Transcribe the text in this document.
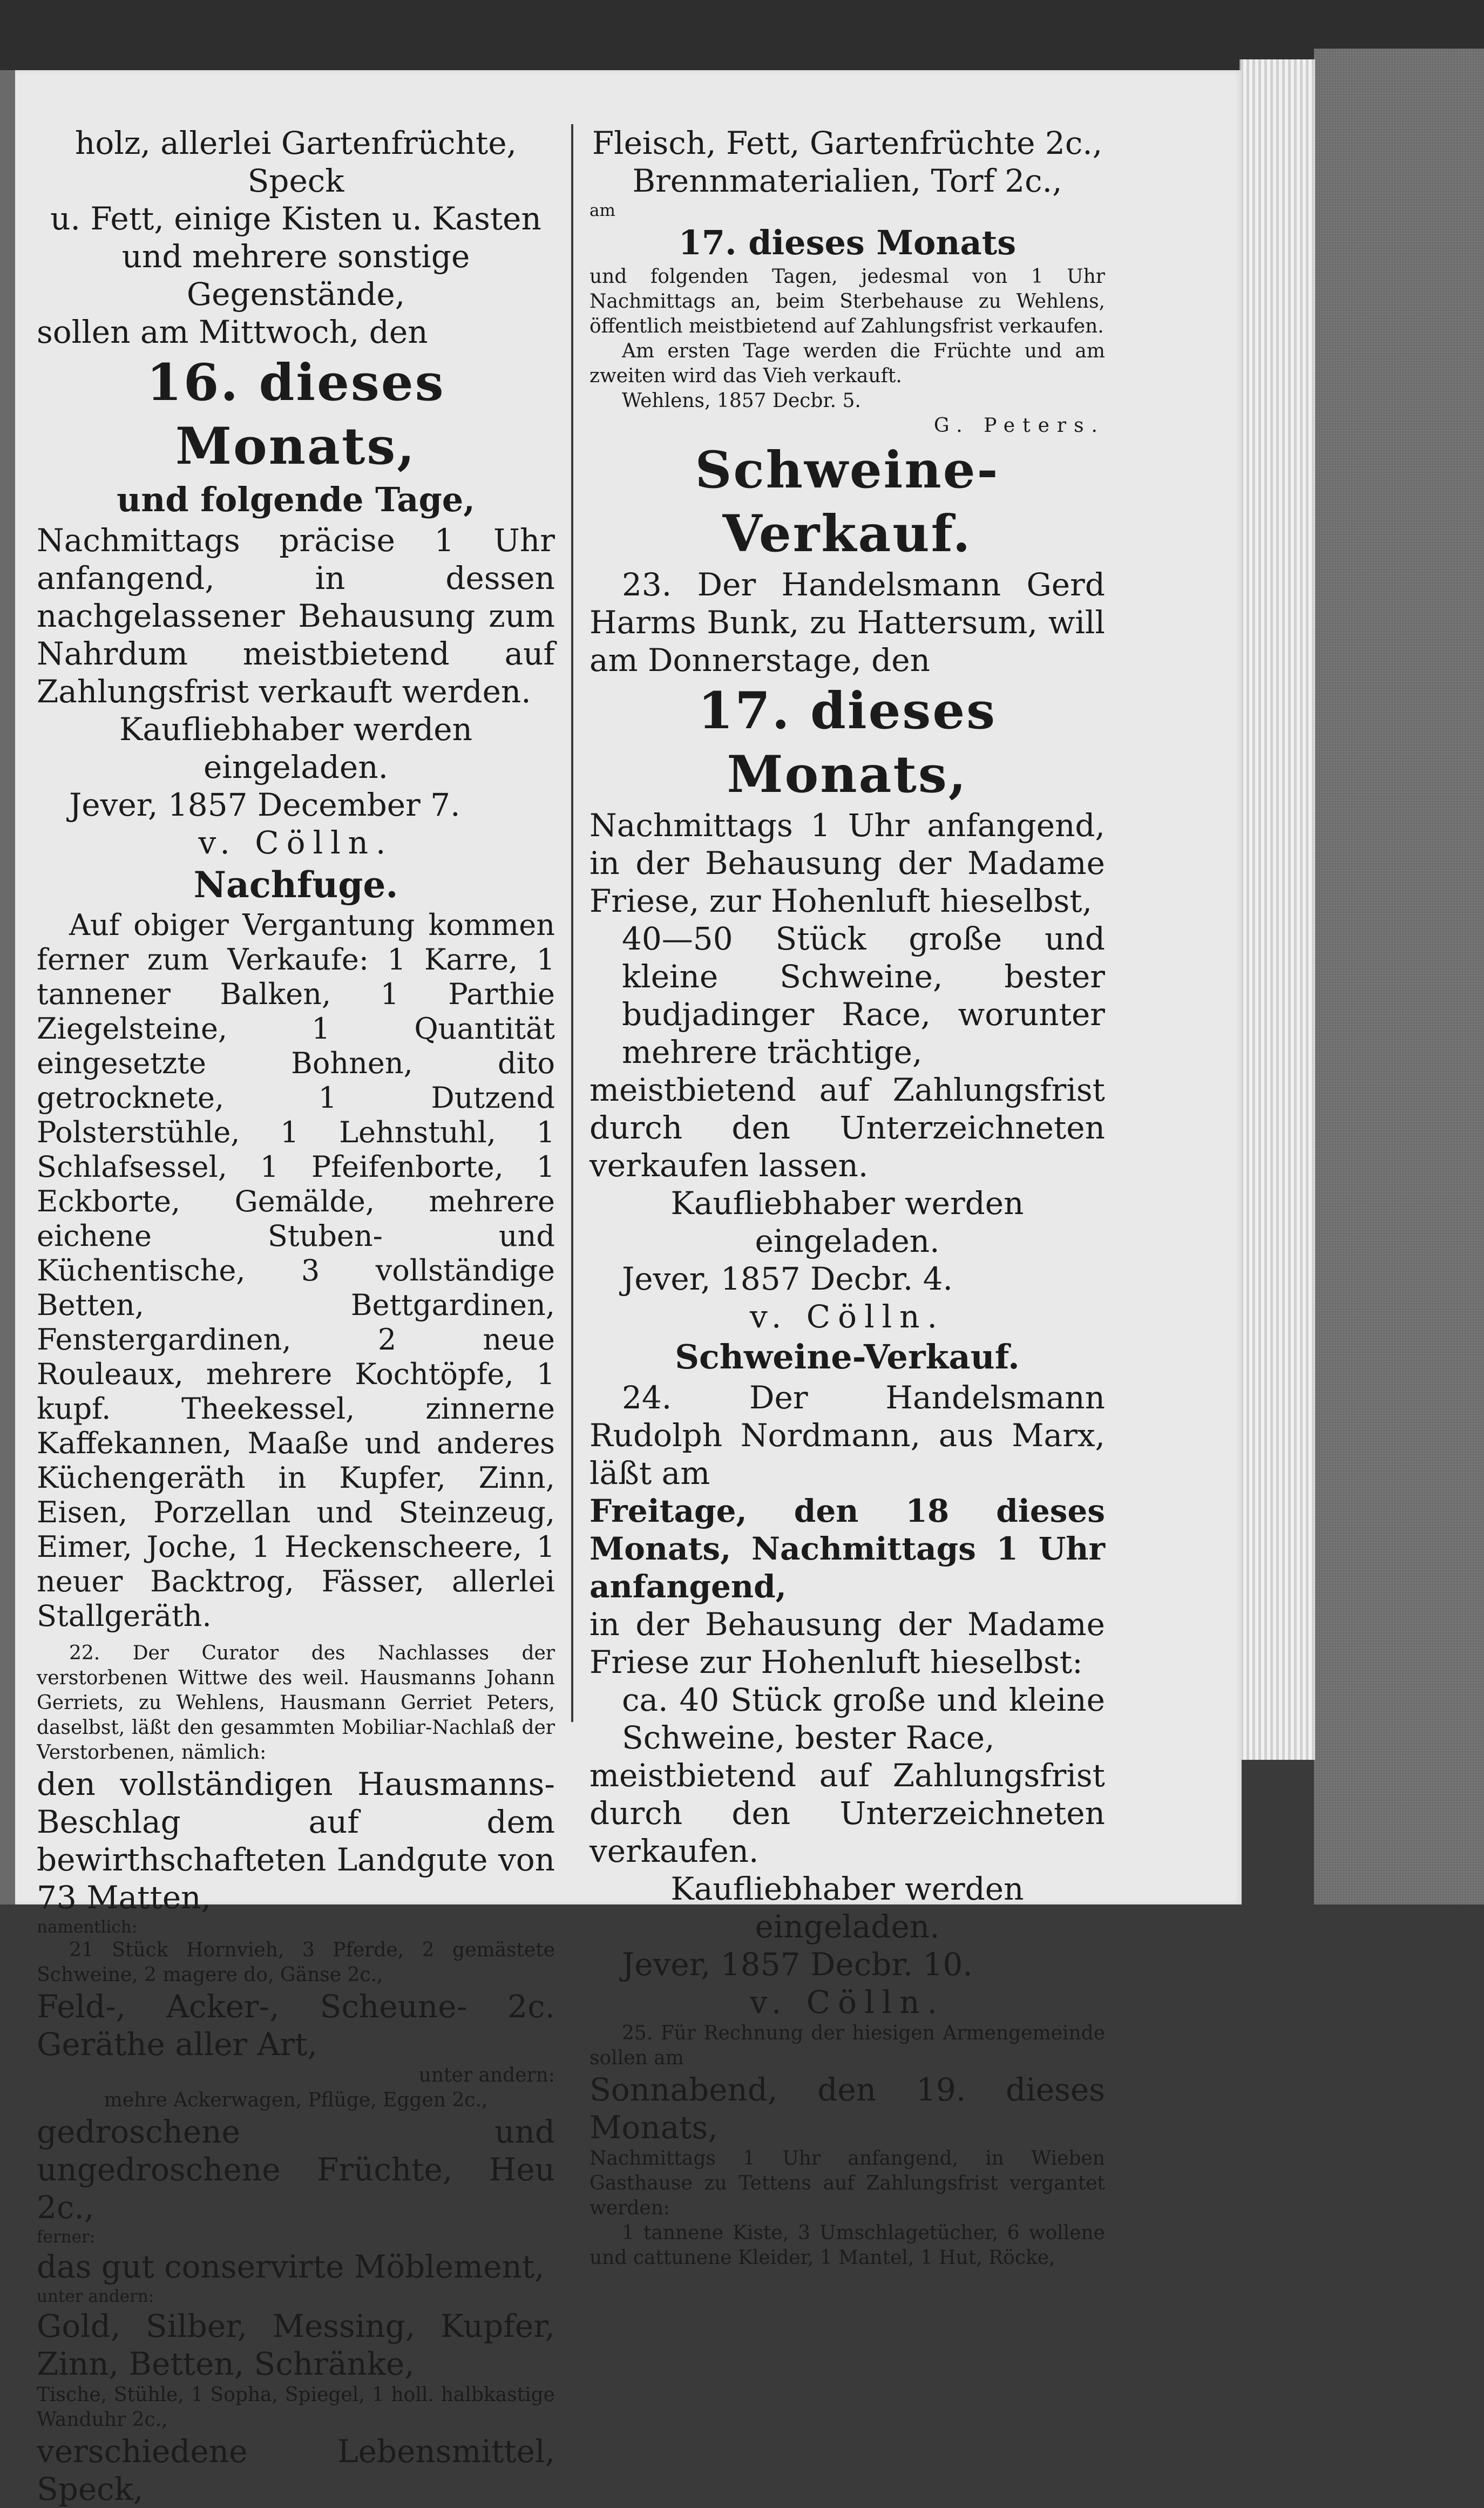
holz, allerlei Gartenfrüchte, Speck

u. Fett, einige Kisten u. Kasten

und mehrere sonstige Gegenstände,

sollen am Mittwoch, den

16. dieses Monats,

und folgende Tage,

Nachmittags präcise 1 Uhr anfangend, in dessen nachgelassener Behausung zum Nahrdum meistbietend auf Zahlungsfrist verkauft werden.

Kaufliebhaber werden eingeladen.

Jever, 1857 December 7.

v. Cölln.

Nachfuge.

Auf obiger Vergantung kommen ferner zum Verkaufe: 1 Karre, 1 tannener Balken, 1 Parthie Ziegelsteine, 1 Quantität eingesetzte Bohnen, dito getrocknete, 1 Dutzend Polsterstühle, 1 Lehnstuhl, 1 Schlafsessel, 1 Pfeifenborte, 1 Eckborte, Gemälde, mehrere eichene Stuben- und Küchentische, 3 vollständige Betten, Bettgardinen, Fenstergardinen, 2 neue Rouleaux, mehrere Kochtöpfe, 1 kupf. Theekessel, zinnerne Kaffekannen, Maaße und anderes Küchengeräth in Kupfer, Zinn, Eisen, Porzellan und Steinzeug, Eimer, Joche, 1 Heckenscheere, 1 neuer Backtrog, Fässer, allerlei Stallgeräth.

22. Der Curator des Nachlasses der verstorbenen Wittwe des weil. Hausmanns Johann Gerriets, zu Wehlens, Hausmann Gerriet Peters, daselbst, läßt den gesammten Mobiliar-Nachlaß der Verstorbenen, nämlich:

den vollständigen Hausmanns-Beschlag auf dem bewirthschafteten Landgute von 73 Matten,

namentlich:

21 Stück Hornvieh, 3 Pferde, 2 gemästete Schweine, 2 magere do, Gänse 2c.,

Feld-, Acker-, Scheune- 2c. Geräthe aller Art,

unter andern:

mehre Ackerwagen, Pflüge, Eggen 2c.,

gedroschene und ungedroschene Früchte, Heu 2c.,

ferner:

das gut conservirte Möblement,

unter andern:

Gold, Silber, Messing, Kupfer, Zinn, Betten, Schränke,

Tische, Stühle, 1 Sopha, Spiegel, 1 holl. halbkastige Wanduhr 2c.,

verschiedene Lebensmittel, Speck,

Fleisch, Fett, Gartenfrüchte 2c.,

Brennmaterialien, Torf 2c.,

am

17. dieses Monats

und folgenden Tagen, jedesmal von 1 Uhr Nachmittags an, beim Sterbehause zu Wehlens, öffentlich meistbietend auf Zahlungsfrist verkaufen.

Am ersten Tage werden die Früchte und am zweiten wird das Vieh verkauft.

Wehlens, 1857 Decbr. 5.

G. Peters.

Schweine-Verkauf.

23. Der Handelsmann Gerd Harms Bunk, zu Hattersum, will am Donnerstage, den

17. dieses Monats,

Nachmittags 1 Uhr anfangend, in der Behausung der Madame Friese, zur Hohenluft hieselbst,

40—50 Stück große und kleine Schweine, bester budjadinger Race, worunter mehrere trächtige,

meistbietend auf Zahlungsfrist durch den Unterzeichneten verkaufen lassen.

Kaufliebhaber werden eingeladen.

Jever, 1857 Decbr. 4.

v. Cölln.

Schweine-Verkauf.

24. Der Handelsmann Rudolph Nordmann, aus Marx, läßt am

Freitage, den 18 dieses Monats, Nachmittags 1 Uhr anfangend,

in der Behausung der Madame Friese zur Hohenluft hieselbst:

ca. 40 Stück große und kleine Schweine, bester Race,

meistbietend auf Zahlungsfrist durch den Unterzeichneten verkaufen.

Kaufliebhaber werden eingeladen.

Jever, 1857 Decbr. 10.

v. Cölln.

25. Für Rechnung der hiesigen Armengemeinde sollen am

Sonnabend, den 19. dieses Monats,

Nachmittags 1 Uhr anfangend, in Wieben Gasthause zu Tettens auf Zahlungsfrist vergantet werden:

1 tannene Kiste, 3 Umschlagetücher, 6 wollene und cattunene Kleider, 1 Mantel, 1 Hut, Röcke,
